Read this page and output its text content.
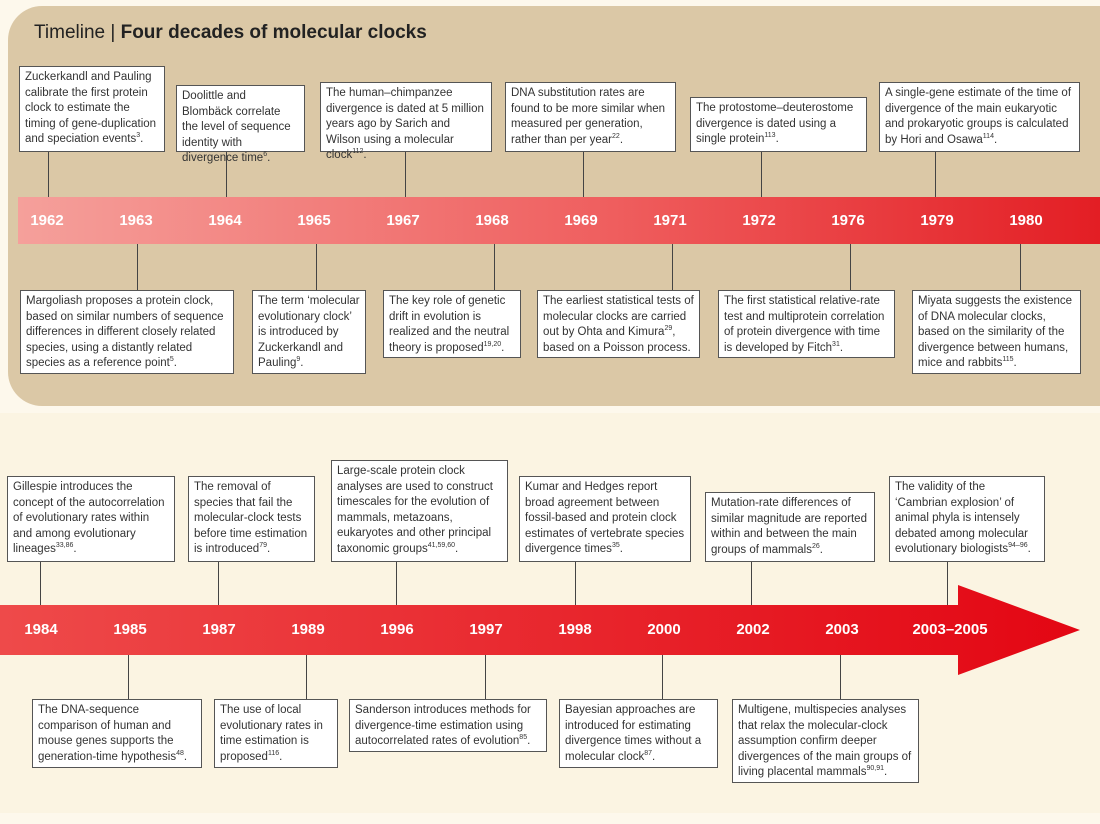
Timeline | Four decades of molecular clocks
1962	1963	1964	1965	1967	1968	1969	1971	1972	1976	1979	1980
1984	1985	1987	1989	1996	1997	1998	2000	2002	2003	2003–2005
Zuckerkandl and Pauling calibrate the first protein clock to estimate the timing of gene-duplication and speciation events$^3$.
Doolittle and Blombäck correlate the level of sequence identity with divergence time$^6$.
The human–chimpanzee divergence is dated at 5 million years ago by Sarich and Wilson using a molecular clock$^{112}$.
DNA substitution rates are found to be more similar when measured per generation, rather than per year$^{22}$.
The protostome–deuterostome divergence is dated using a single protein$^{113}$.
A single-gene estimate of the time of divergence of the main eukaryotic and prokaryotic groups is calculated by Hori and Osawa$^{114}$.
Margoliash proposes a protein clock, based on similar numbers of sequence differences in different closely related species, using a distantly related species as a reference point$^5$.
The term ‘molecular evolutionary clock’ is introduced by Zuckerkandl and Pauling$^9$.
The key role of genetic drift in evolution is realized and the neutral theory is proposed$^{19,20}$.
The earliest statistical tests of molecular clocks are carried out by Ohta and Kimura$^{29}$, based on a Poisson process.
The first statistical relative-rate test and multiprotein correlation of protein divergence with time is developed by Fitch$^{31}$.
Miyata suggests the existence of DNA molecular clocks, based on the similarity of the divergence between humans, mice and rabbits$^{115}$.
Gillespie introduces the concept of the autocorrelation of evolutionary rates within and among evolutionary lineages$^{33,86}$.
The removal of species that fail the molecular-clock tests before time estimation is introduced$^{79}$.
Large-scale protein clock analyses are used to construct timescales for the evolution of mammals, metazoans, eukaryotes and other principal taxonomic groups$^{41,59,60}$.
Kumar and Hedges report broad agreement between fossil-based and protein clock estimates of vertebrate species divergence times$^{35}$.
Mutation-rate differences of similar magnitude are reported within and between the main groups of mammals$^{26}$.
The validity of the ‘Cambrian explosion’ of animal phyla is intensely debated among molecular evolutionary biologists$^{94-96}$.
The DNA-sequence comparison of human and mouse genes supports the generation-time hypothesis$^{48}$.
The use of local evolutionary rates in time estimation is proposed$^{116}$.
Sanderson introduces methods for divergence-time estimation using autocorrelated rates of evolution$^{85}$.
Bayesian approaches are introduced for estimating divergence times without a molecular clock$^{87}$.
Multigene, multispecies analyses that relax the molecular-clock assumption confirm deeper divergences of the main groups of living placental mammals$^{90,91}$.
